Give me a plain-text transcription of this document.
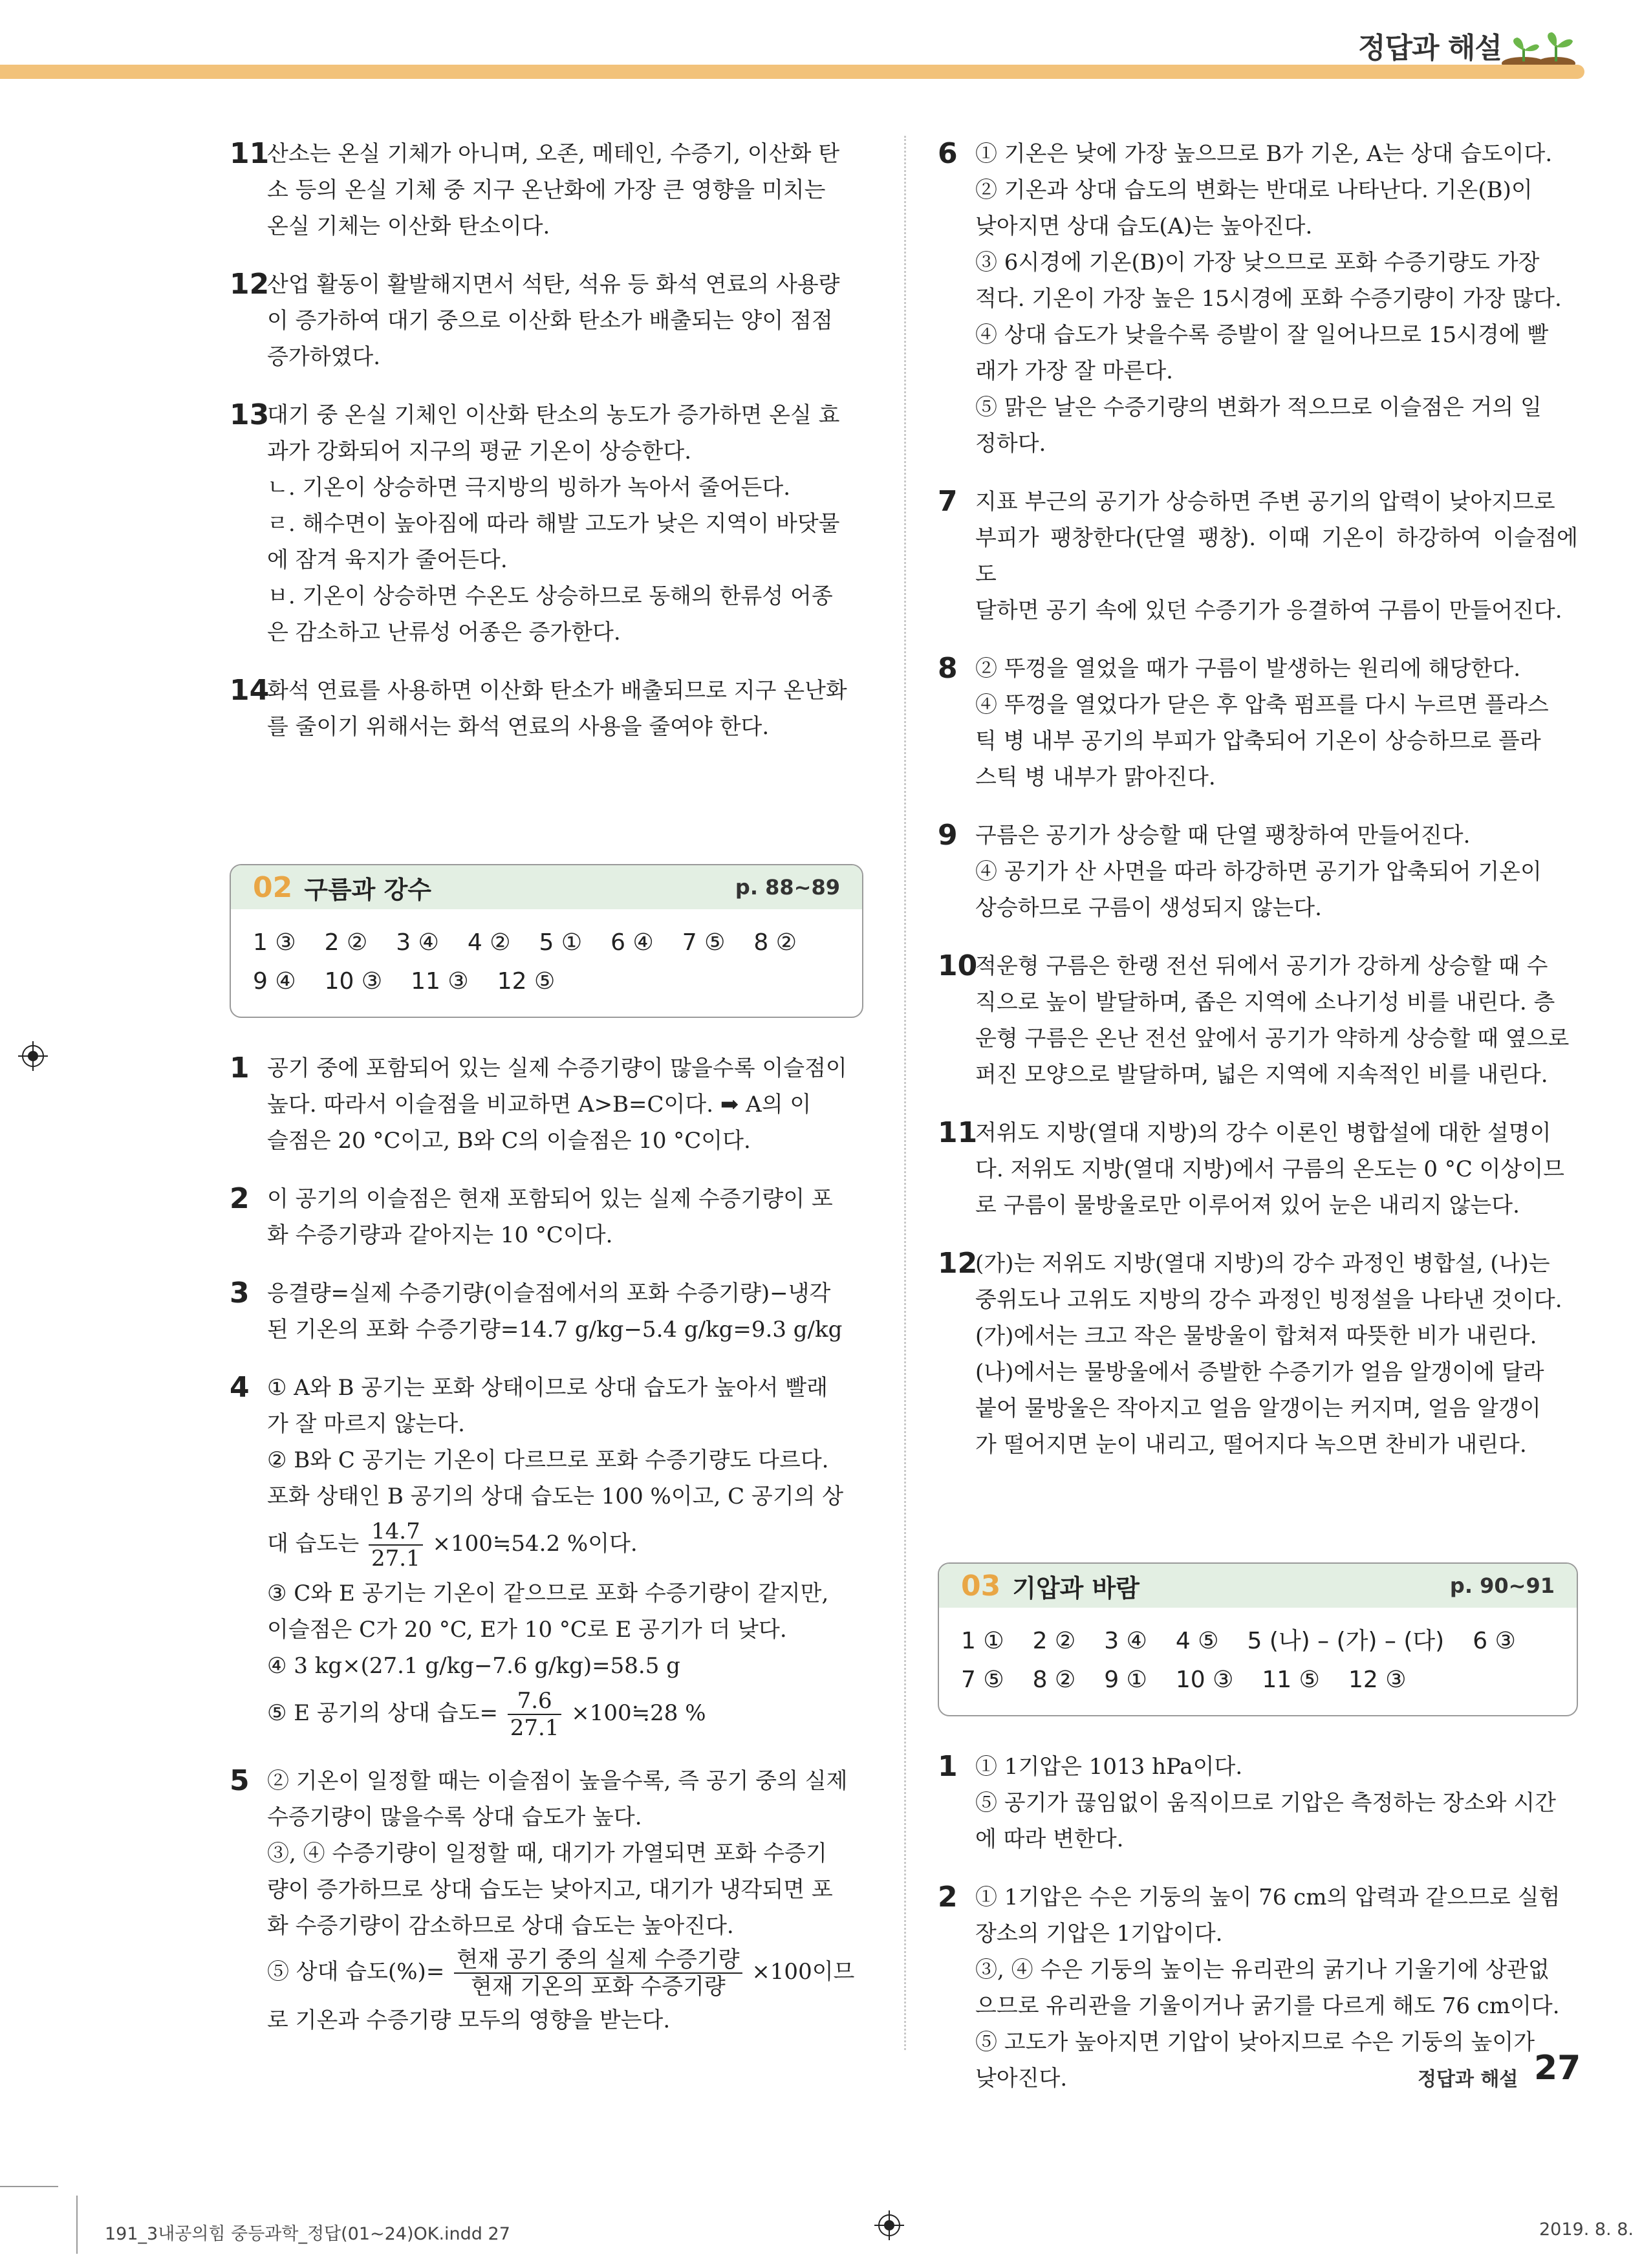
정답과 해설
11
산소는 온실 기체가 아니며, 오존, 메테인, 수증기, 이산화 탄
소 등의 온실 기체 중 지구 온난화에 가장 큰 영향을 미치는
온실 기체는 이산화 탄소이다.
12
산업 활동이 활발해지면서 석탄, 석유 등 화석 연료의 사용량
이 증가하여 대기 중으로 이산화 탄소가 배출되는 양이 점점
증가하였다.
13
대기 중 온실 기체인 이산화 탄소의 농도가 증가하면 온실 효
과가 강화되어 지구의 평균 기온이 상승한다.
ㄴ. 기온이 상승하면 극지방의 빙하가 녹아서 줄어든다.
ㄹ. 해수면이 높아짐에 따라 해발 고도가 낮은 지역이 바닷물
에 잠겨 육지가 줄어든다.
ㅂ. 기온이 상승하면 수온도 상승하므로 동해의 한류성 어종
은 감소하고 난류성 어종은 증가한다.
14
화석 연료를 사용하면 이산화 탄소가 배출되므로 지구 온난화
를 줄이기 위해서는 화석 연료의 사용을 줄여야 한다.
02 구름과 강수	p. 88~89
1 ③ 2 ② 3 ④ 4 ② 5 ① 6 ④ 7 ⑤ 8 ②9 ④ 10 ③ 11 ③ 12 ⑤
1 공기 중에 포함되어 있는 실제 수증기량이 많을수록 이슬점이
높다. 따라서 이슬점을 비교하면 A>B=C이다. ➡ A의 이
슬점은 20 °C이고, B와 C의 이슬점은 10 °C이다.
2 이 공기의 이슬점은 현재 포함되어 있는 실제 수증기량이 포
화 수증기량과 같아지는 10 °C이다.
3 응결량=실제 수증기량(이슬점에서의 포화 수증기량)−냉각
된 기온의 포화 수증기량=14.7 g/kg−5.4 g/kg=9.3 g/kg
4 ① A와 B 공기는 포화 상태이므로 상대 습도가 높아서 빨래
가 잘 마르지 않는다.
② B와 C 공기는 기온이 다르므로 포화 수증기량도 다르다.
포화 상태인 B 공기의 상대 습도는 100 %이고, C 공기의 상
대 습도는 $\frac{14.7}{27.1}$ ×100≒54.2 %이다.
③ C와 E 공기는 기온이 같으므로 포화 수증기량이 같지만,
이슬점은 C가 20 °C, E가 10 °C로 E 공기가 더 낮다.
④ 3 kg×(27.1 g/kg−7.6 g/kg)=58.5 g
⑤ E 공기의 상대 습도= $\frac{7.6}{27.1}$ ×100≒28 %
5 ② 기온이 일정할 때는 이슬점이 높을수록, 즉 공기 중의 실제
수증기량이 많을수록 상대 습도가 높다.
③, ④ 수증기량이 일정할 때, 대기가 가열되면 포화 수증기
량이 증가하므로 상대 습도는 낮아지고, 대기가 냉각되면 포
화 수증기량이 감소하므로 상대 습도는 높아진다.
⑤ 상대 습도(%)= $\frac{\text{현재 공기 중의 실제 수증기량}}{\text{현재 기온의 포화 수증기량}} \times 100$이므
로 기온과 수증기량 모두의 영향을 받는다.
6 ① 기온은 낮에 가장 높으므로 B가 기온, A는 상대 습도이다.
② 기온과 상대 습도의 변화는 반대로 나타난다. 기온(B)이
낮아지면 상대 습도(A)는 높아진다.
③ 6시경에 기온(B)이 가장 낮으므로 포화 수증기량도 가장
적다. 기온이 가장 높은 15시경에 포화 수증기량이 가장 많다.
④ 상대 습도가 낮을수록 증발이 잘 일어나므로 15시경에 빨
래가 가장 잘 마른다.
⑤ 맑은 날은 수증기량의 변화가 적으므로 이슬점은 거의 일
정하다.
7 지표 부근의 공기가 상승하면 주변 공기의 압력이 낮아지므로
부피가 팽창한다(단열 팽창). 이때 기온이 하강하여 이슬점에 도
달하면 공기 속에 있던 수증기가 응결하여 구름이 만들어진다.
8 ② 뚜껑을 열었을 때가 구름이 발생하는 원리에 해당한다.
④ 뚜껑을 열었다가 닫은 후 압축 펌프를 다시 누르면 플라스
틱 병 내부 공기의 부피가 압축되어 기온이 상승하므로 플라
스틱 병 내부가 맑아진다.
9 구름은 공기가 상승할 때 단열 팽창하여 만들어진다.
④ 공기가 산 사면을 따라 하강하면 공기가 압축되어 기온이
상승하므로 구름이 생성되지 않는다.
10
적운형 구름은 한랭 전선 뒤에서 공기가 강하게 상승할 때 수
직으로 높이 발달하며, 좁은 지역에 소나기성 비를 내린다. 층
운형 구름은 온난 전선 앞에서 공기가 약하게 상승할 때 옆으로
퍼진 모양으로 발달하며, 넓은 지역에 지속적인 비를 내린다.
11
저위도 지방(열대 지방)의 강수 이론인 병합설에 대한 설명이
다. 저위도 지방(열대 지방)에서 구름의 온도는 0 °C 이상이므
로 구름이 물방울로만 이루어져 있어 눈은 내리지 않는다.
12
(가)는 저위도 지방(열대 지방)의 강수 과정인 병합설, (나)는
중위도나 고위도 지방의 강수 과정인 빙정설을 나타낸 것이다.
(가)에서는 크고 작은 물방울이 합쳐져 따뜻한 비가 내린다.
(나)에서는 물방울에서 증발한 수증기가 얼음 알갱이에 달라
붙어 물방울은 작아지고 얼음 알갱이는 커지며, 얼음 알갱이
가 떨어지면 눈이 내리고, 떨어지다 녹으면 찬비가 내린다.
03 기압과 바람	p. 90~91
1 ① 2 ② 3 ④ 4 ⑤ 5 (나) – (가) – (다) 6 ③7 ⑤ 8 ② 9 ① 10 ③ 11 ⑤ 12 ③
1 ① 1기압은 1013 hPa이다.
⑤ 공기가 끊임없이 움직이므로 기압은 측정하는 장소와 시간
에 따라 변한다.
2 ① 1기압은 수은 기둥의 높이 76 cm의 압력과 같으므로 실험
장소의 기압은 1기압이다.
③, ④ 수은 기둥의 높이는 유리관의 굵기나 기울기에 상관없
으므로 유리관을 기울이거나 굵기를 다르게 해도 76 cm이다.
⑤ 고도가 높아지면 기압이 낮아지므로 수은 기둥의 높이가
낮아진다.	정답과 해설 27
191_3내공의힘 중등과학_정답(01~24)OK.indd 27	2019. 8. 8.
